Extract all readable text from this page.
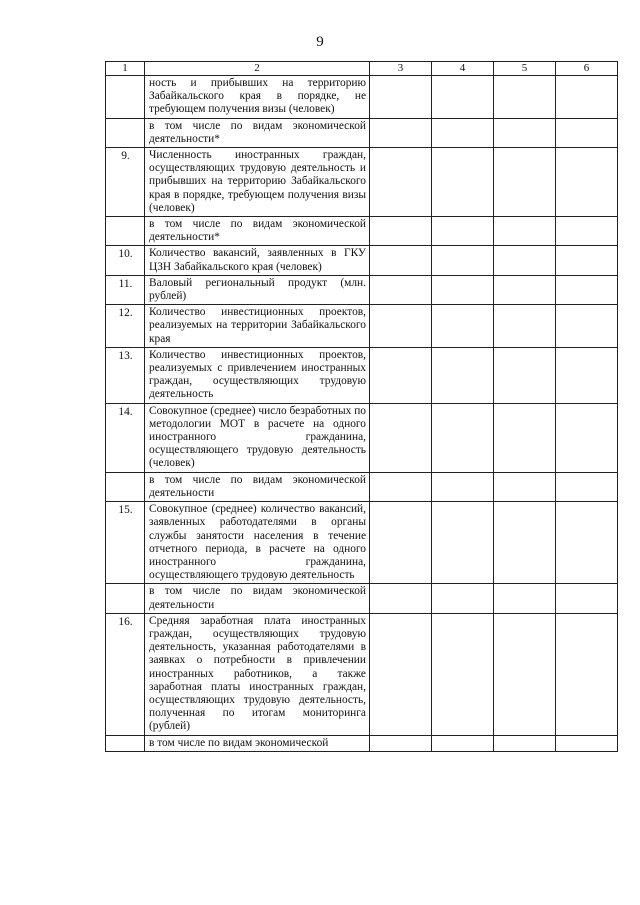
9
1	2	3	4	5	6
	ность и прибывших на территорию Забайкальского края в порядке, не требующем получения визы (человек)				
	в том числе по видам экономической деятельности*				
9.	Численность иностранных граждан, осуществляющих трудовую деятельность и прибывших на территорию Забайкальского края в порядке, требующем получения визы (человек)				
	в том числе по видам экономической деятельности*				
10.	Количество вакансий, заявленных в ГКУ ЦЗН Забайкальского края (человек)				
11.	Валовый региональный продукт (млн. рублей)				
12.	Количество инвестиционных проектов, реализуемых на территории Забайкальского края				
13.	Количество инвестиционных проектов, реализуемых с привлечением иностранных граждан, осуществляющих трудовую деятельность				
14.	Совокупное (среднее) число безработных по методологии МОТ в расчете на одного иностранного гражданина, осуществляющего трудовую деятельность (человек)				
	в том числе по видам экономической деятельности				
15.	Совокупное (среднее) количество вакансий, заявленных работодателями в органы службы занятости населения в течение отчетного периода, в расчете на одного иностранного гражданина, осуществляющего трудовую деятельность				
	в том числе по видам экономической деятельности				
16.	Средняя заработная плата иностранных граждан, осуществляющих трудовую деятельность, указанная работодателями в заявках о потребности в привлечении иностранных работников, а также заработная платы иностранных граждан, осуществляющих трудовую деятельность, полученная по итогам мониторинга (рублей)				
	в том числе по видам экономической				
